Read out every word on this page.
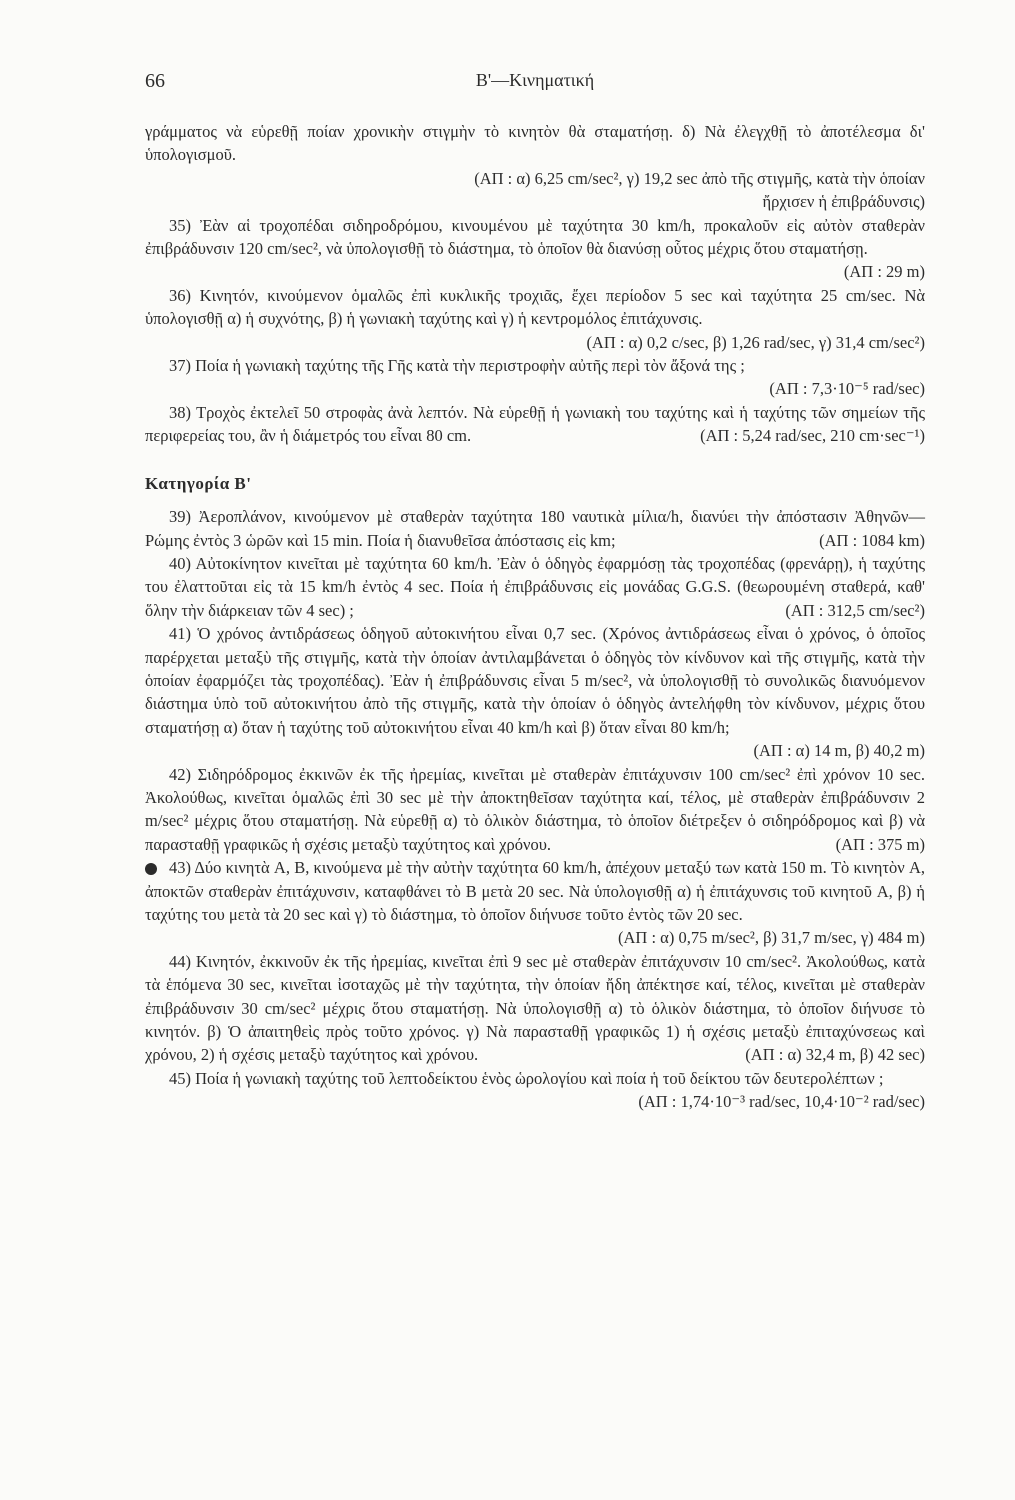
66	B'—Κινηματική

γράμματος νὰ εὑρεθῇ ποίαν χρονικὴν στιγμὴν τὸ κινητὸν θὰ σταματήσῃ. δ) Νὰ ἐλεγχθῇ τὸ ἀποτέλεσμα δι' ὑπολογισμοῦ.

(ΑΠ : α) 6,25 cm/sec², γ) 19,2 sec ἀπὸ τῆς στιγμῆς, κατὰ τὴν ὁποίαν ἤρχισεν ἡ ἐπιβράδυνσις)

35) Ἐὰν αἱ τροχοπέδαι σιδηροδρόμου, κινουμένου μὲ ταχύτητα 30 km/h, προκαλοῦν εἰς αὐτὸν σταθερὰν ἐπιβράδυνσιν 120 cm/sec², νὰ ὑπολογισθῇ τὸ διάστημα, τὸ ὁποῖον θὰ διανύσῃ οὗτος μέχρις ὅτου σταματήσῃ.
(ΑΠ : 29 m)

36) Κινητόν, κινούμενον ὁμαλῶς ἐπὶ κυκλικῆς τροχιᾶς, ἔχει περίοδον 5 sec καὶ ταχύτητα 25 cm/sec. Νὰ ὑπολογισθῇ α) ἡ συχνότης, β) ἡ γωνιακὴ ταχύτης καὶ γ) ἡ κεντρομόλος ἐπιτάχυνσις.
(ΑΠ : α) 0,2 c/sec, β) 1,26 rad/sec, γ) 31,4 cm/sec²)

37) Ποία ἡ γωνιακὴ ταχύτης τῆς Γῆς κατὰ τὴν περιστροφὴν αὐτῆς περὶ τὸν ἄξονά της ;
(ΑΠ : 7,3·10⁻⁵ rad/sec)

38) Τροχὸς ἐκτελεῖ 50 στροφὰς ἀνὰ λεπτόν. Νὰ εὑρεθῇ ἡ γωνιακὴ του ταχύτης καὶ ἡ ταχύτης τῶν σημείων τῆς περιφερείας του, ἂν ἡ διάμετρός του εἶναι 80 cm.	(ΑΠ : 5,24 rad/sec, 210 cm·sec⁻¹)

Κατηγορία Β'

39) Ἀεροπλάνον, κινούμενον μὲ σταθερὰν ταχύτητα 180 ναυτικὰ μίλια/h, διανύει τὴν ἀπόστασιν Ἀθηνῶν—Ρώμης ἐντὸς 3 ὡρῶν καὶ 15 min. Ποία ἡ διανυθεῖσα ἀπόστασις εἰς km;	(ΑΠ : 1084 km)

40) Αὐτοκίνητον κινεῖται μὲ ταχύτητα 60 km/h. Ἐὰν ὁ ὁδηγὸς ἐφαρμόσῃ τὰς τροχοπέδας (φρενάρῃ), ἡ ταχύτης του ἐλαττοῦται εἰς τὰ 15 km/h ἐντὸς 4 sec. Ποία ἡ ἐπιβράδυνσις εἰς μονάδας G.G.S. (θεωρουμένη σταθερά, καθ' ὅλην τὴν διάρκειαν τῶν 4 sec) ;	(ΑΠ : 312,5 cm/sec²)

41) Ὁ χρόνος ἀντιδράσεως ὁδηγοῦ αὐτοκινήτου εἶναι 0,7 sec. (Χρόνος ἀντιδράσεως εἶναι ὁ χρόνος, ὁ ὁποῖος παρέρχεται μεταξὺ τῆς στιγμῆς, κατὰ τὴν ὁποίαν ἀντιλαμβάνεται ὁ ὁδηγὸς τὸν κίνδυνον καὶ τῆς στιγμῆς, κατὰ τὴν ὁποίαν ἐφαρμόζει τὰς τροχοπέδας). Ἐὰν ἡ ἐπιβράδυνσις εἶναι 5 m/sec², νὰ ὑπολογισθῇ τὸ συνολικῶς διανυόμενον διάστημα ὑπὸ τοῦ αὐτοκινήτου ἀπὸ τῆς στιγμῆς, κατὰ τὴν ὁποίαν ὁ ὁδηγὸς ἀντελήφθη τὸν κίνδυνον, μέχρις ὅτου σταματήσῃ α) ὅταν ἡ ταχύτης τοῦ αὐτοκινήτου εἶναι 40 km/h καὶ β) ὅταν εἶναι 80 km/h;
(ΑΠ : α) 14 m, β) 40,2 m)

42) Σιδηρόδρομος ἐκκινῶν ἐκ τῆς ἠρεμίας, κινεῖται μὲ σταθερὰν ἐπιτάχυνσιν 100 cm/sec² ἐπὶ χρόνον 10 sec. Ἀκολούθως, κινεῖται ὁμαλῶς ἐπὶ 30 sec μὲ τὴν ἀποκτηθεῖσαν ταχύτητα καί, τέλος, μὲ σταθερὰν ἐπιβράδυνσιν 2 m/sec² μέχρις ὅτου σταματήσῃ. Νὰ εὑρεθῇ α) τὸ ὁλικὸν διάστημα, τὸ ὁποῖον διέτρεξεν ὁ σιδηρόδρομος καὶ β) νὰ παρασταθῇ γραφικῶς ἡ σχέσις μεταξὺ ταχύτητος καὶ χρόνου.	(ΑΠ : 375 m)

43) Δύο κινητὰ A, B, κινούμενα μὲ τὴν αὐτὴν ταχύτητα 60 km/h, ἀπέχουν μεταξύ των κατὰ 150 m. Τὸ κινητὸν A, ἀποκτῶν σταθερὰν ἐπιτάχυνσιν, καταφθάνει τὸ B μετὰ 20 sec. Νὰ ὑπολογισθῇ α) ἡ ἐπιτάχυνσις τοῦ κινητοῦ A, β) ἡ ταχύτης του μετὰ τὰ 20 sec καὶ γ) τὸ διάστημα, τὸ ὁποῖον διήνυσε τοῦτο ἐντὸς τῶν 20 sec.
(ΑΠ : α) 0,75 m/sec², β) 31,7 m/sec, γ) 484 m)

44) Κινητόν, ἐκκινοῦν ἐκ τῆς ἠρεμίας, κινεῖται ἐπὶ 9 sec μὲ σταθερὰν ἐπιτάχυνσιν 10 cm/sec². Ἀκολούθως, κατὰ τὰ ἑπόμενα 30 sec, κινεῖται ἰσοταχῶς μὲ τὴν ταχύτητα, τὴν ὁποίαν ἤδη ἀπέκτησε καί, τέλος, κινεῖται μὲ σταθερὰν ἐπιβράδυνσιν 30 cm/sec² μέχρις ὅτου σταματήσῃ. Νὰ ὑπολογισθῇ α) τὸ ὁλικὸν διάστημα, τὸ ὁποῖον διήνυσε τὸ κινητόν. β) Ὁ ἀπαιτηθεὶς πρὸς τοῦτο χρόνος. γ) Νὰ παρασταθῇ γραφικῶς 1) ἡ σχέσις μεταξὺ ἐπιταχύνσεως καὶ χρόνου, 2) ἡ σχέσις μεταξὺ ταχύτητος καὶ χρόνου.	(ΑΠ : α) 32,4 m, β) 42 sec)

45) Ποία ἡ γωνιακὴ ταχύτης τοῦ λεπτοδείκτου ἑνὸς ὡρολογίου καὶ ποία ἡ τοῦ δείκτου τῶν δευτερολέπτων ;
(ΑΠ : 1,74·10⁻³ rad/sec, 10,4·10⁻² rad/sec)
